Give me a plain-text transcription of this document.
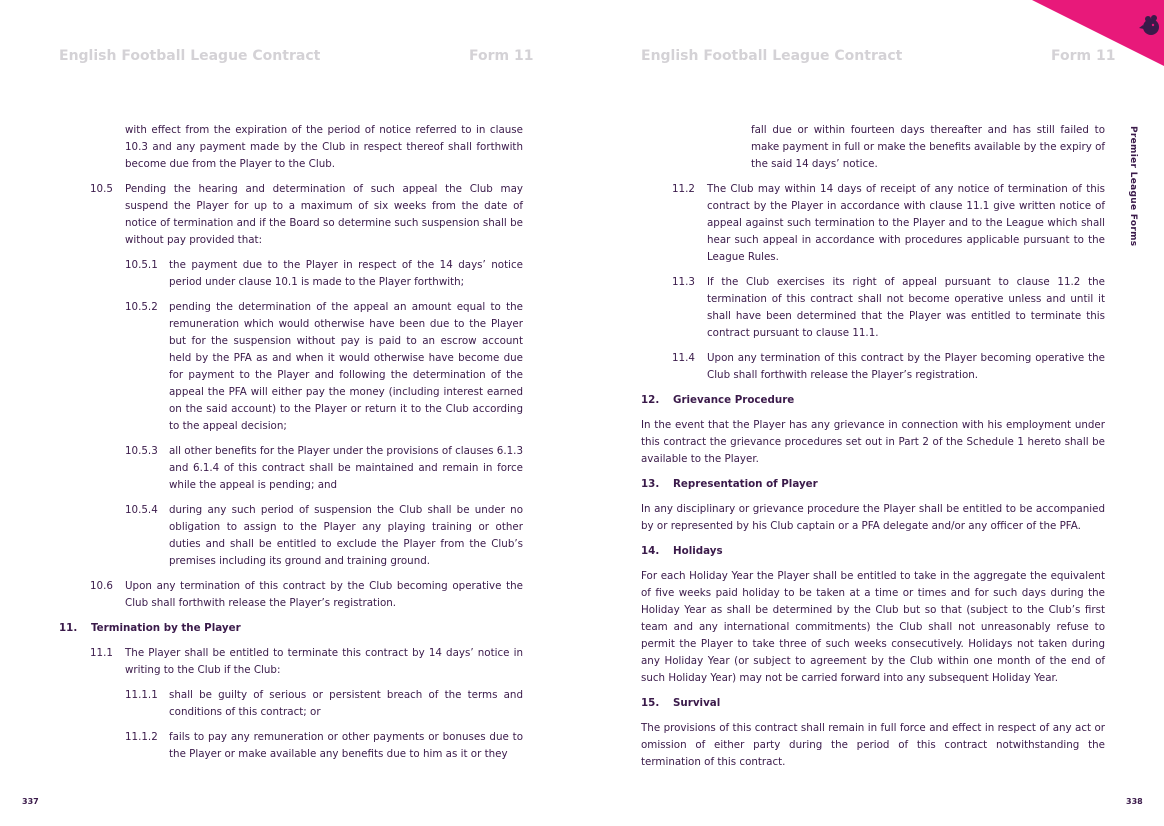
English Football League Contract	Form 11	English Football League Contract	Form 11
Premier League Forms

with effect from the expiration of the period of notice referred to in clause 10.3 and any payment made by the Club in respect thereof shall forthwith become due from the Player to the Club.

10.5	Pending the hearing and determination of such appeal the Club may suspend the Player for up to a maximum of six weeks from the date of notice of termination and if the Board so determine such suspension shall be without pay provided that:
10.5.1	the payment due to the Player in respect of the 14 days’ notice period under clause 10.1 is made to the Player forthwith;
10.5.2	pending the determination of the appeal an amount equal to the remuneration which would otherwise have been due to the Player but for the suspension without pay is paid to an escrow account held by the PFA as and when it would otherwise have become due for payment to the Player and following the determination of the appeal the PFA will either pay the money (including interest earned on the said account) to the Player or return it to the Club according to the appeal decision;
10.5.3	all other benefits for the Player under the provisions of clauses 6.1.3 and 6.1.4 of this contract shall be maintained and remain in force while the appeal is pending; and
10.5.4	during any such period of suspension the Club shall be under no obligation to assign to the Player any playing training or other duties and shall be entitled to exclude the Player from the Club’s premises including its ground and training ground.
10.6	Upon any termination of this contract by the Club becoming operative the Club shall forthwith release the Player’s registration.
11.	Termination by the Player
11.1	The Player shall be entitled to terminate this contract by 14 days’ notice in writing to the Club if the Club:
11.1.1	shall be guilty of serious or persistent breach of the terms and conditions of this contract; or
11.1.2	fails to pay any remuneration or other payments or bonuses due to the Player or make available any benefits due to him as it or they

fall due or within fourteen days thereafter and has still failed to make payment in full or make the benefits available by the expiry of the said 14 days’ notice.

11.2	The Club may within 14 days of receipt of any notice of termination of this contract by the Player in accordance with clause 11.1 give written notice of appeal against such termination to the Player and to the League which shall hear such appeal in accordance with procedures applicable pursuant to the League Rules.
11.3	If the Club exercises its right of appeal pursuant to clause 11.2 the termination of this contract shall not become operative unless and until it shall have been determined that the Player was entitled to terminate this contract pursuant to clause 11.1.
11.4	Upon any termination of this contract by the Player becoming operative the Club shall forthwith release the Player’s registration.
12.	Grievance Procedure

In the event that the Player has any grievance in connection with his employment under this contract the grievance procedures set out in Part 2 of the Schedule 1 hereto shall be available to the Player.

13.	Representation of Player

In any disciplinary or grievance procedure the Player shall be entitled to be accompanied by or represented by his Club captain or a PFA delegate and/or any officer of the PFA.

14.	Holidays

For each Holiday Year the Player shall be entitled to take in the aggregate the equivalent of five weeks paid holiday to be taken at a time or times and for such days during the Holiday Year as shall be determined by the Club but so that (subject to the Club’s first team and any international commitments) the Club shall not unreasonably refuse to permit the Player to take three of such weeks consecutively. Holidays not taken during any Holiday Year (or subject to agreement by the Club within one month of the end of such Holiday Year) may not be carried forward into any subsequent Holiday Year.

15.	Survival

The provisions of this contract shall remain in full force and effect in respect of any act or omission of either party during the period of this contract notwithstanding the termination of this contract.

337	338
